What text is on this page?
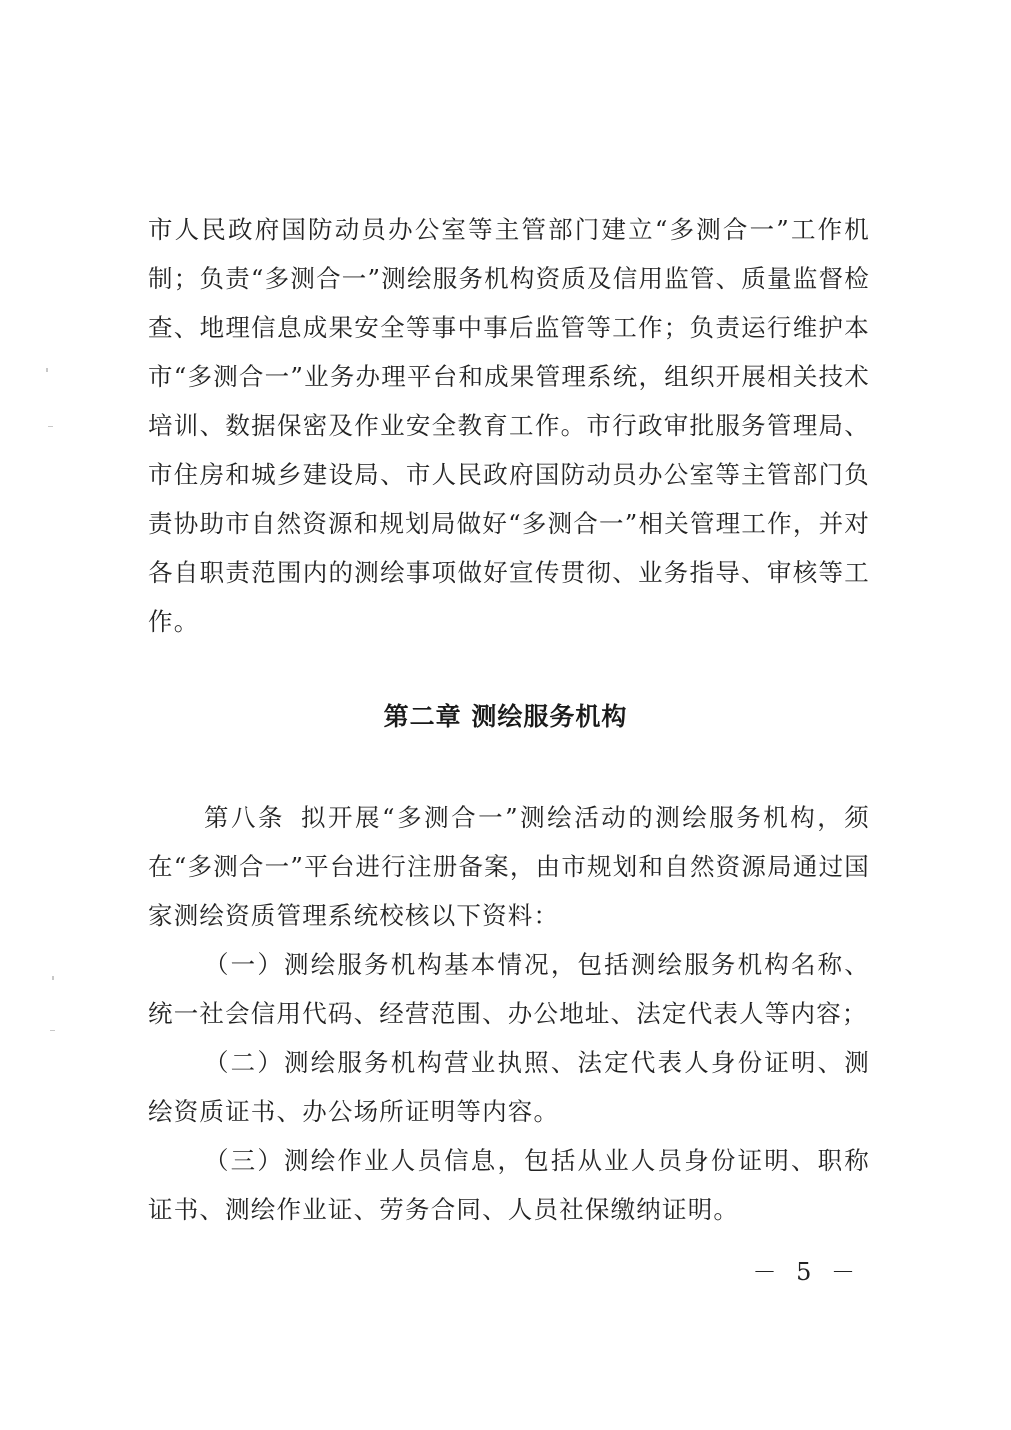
市人民政府国防动员办公室等主管部门建立“多测合一”工作机制；负责“多测合一”测绘服务机构资质及信用监管、质量监督检查、地理信息成果安全等事中事后监管等工作；负责运行维护本市“多测合一”业务办理平台和成果管理系统，组织开展相关技术培训、数据保密及作业安全教育工作。市行政审批服务管理局、市住房和城乡建设局、市人民政府国防动员办公室等主管部门负责协助市自然资源和规划局做好“多测合一”相关管理工作，并对各自职责范围内的测绘事项做好宣传贯彻、业务指导、审核等工作。

第二章 测绘服务机构

第八条 拟开展“多测合一”测绘活动的测绘服务机构，须在“多测合一”平台进行注册备案，由市规划和自然资源局通过国家测绘资质管理系统校核以下资料：

（一）测绘服务机构基本情况，包括测绘服务机构名称、统一社会信用代码、经营范围、办公地址、法定代表人等内容；

（二）测绘服务机构营业执照、法定代表人身份证明、测绘资质证书、办公场所证明等内容。

（三）测绘作业人员信息，包括从业人员身份证明、职称证书、测绘作业证、劳务合同、人员社保缴纳证明。

－ 5 －
